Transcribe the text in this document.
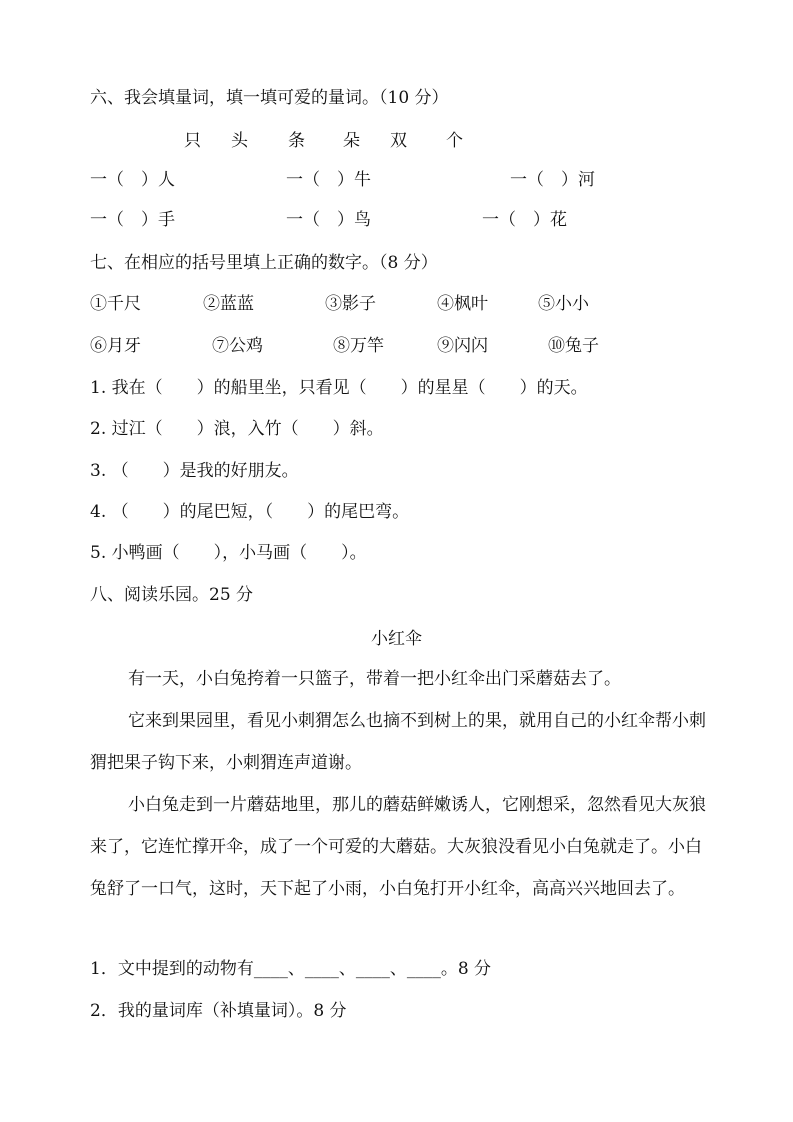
六、我会填量词，填一填可爱的量词。（10 分）
只 头 条 朵 双 个
一（　）人	一（　）牛	一（　）河
一（　）手	一（　）鸟	一（　）花
七、在相应的括号里填上正确的数字。（8 分）
①千尺	②蓝蓝	③影子	④枫叶	⑤小小
⑥月牙	⑦公鸡	⑧万竿	⑨闪闪	⑩兔子
1. 我在（　　）的船里坐，只看见（　　）的星星（　　）的天。
2. 过江（　　）浪，入竹（　　）斜。
3. （　　）是我的好朋友。
4. （　　）的尾巴短，（　　）的尾巴弯。
5. 小鸭画（　　），小马画（　　）。
八、阅读乐园。25 分
小红伞
有一天，小白兔挎着一只篮子，带着一把小红伞出门采蘑菇去了。
它来到果园里，看见小刺猬怎么也摘不到树上的果，就用自己的小红伞帮小刺猬把果子钩下来，小刺猬连声道谢。
小白兔走到一片蘑菇地里，那儿的蘑菇鲜嫩诱人，它刚想采，忽然看见大灰狼来了，它连忙撑开伞，成了一个可爱的大蘑菇。大灰狼没看见小白兔就走了。小白兔舒了一口气，这时，天下起了小雨，小白兔打开小红伞，高高兴兴地回去了。
1．文中提到的动物有____、____、____、____。8 分
2．我的量词库（补填量词）。8 分
